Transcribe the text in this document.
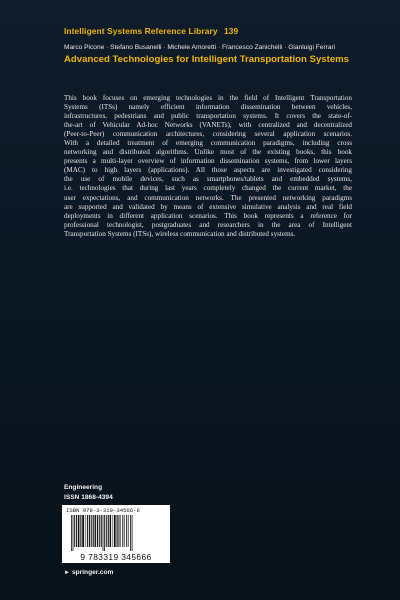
Intelligent Systems Reference Library 139
Marco Picone · Stefano Busanelli · Michele Amoretti · Francesco Zanichelli · Gianluigi Ferrari
Advanced Technologies for Intelligent Transportation Systems
This book focuses on emerging technologies in the field of Intelligent Transportation
Systems (ITSs) namely efficient information dissemination between vehicles,
infrastructures, pedestrians and public transportation systems. It covers the state-of-
the-art of Vehicular Ad-hoc Networks (VANETs), with centralized and decentralized
(Peer-to-Peer) communication architectures, considering several application scenarios.
With a detailed treatment of emerging communication paradigms, including cross
networking and distributed algorithms. Unlike most of the existing books, this book
presents a multi-layer overview of information dissemination systems, from lower layers
(MAC) to high layers (applications). All those aspects are investigated considering
the use of mobile devices, such as smartphones/tablets and embedded systems,
i.e. technologies that during last years completely changed the current market, the
user expectations, and communication networks. The presented networking paradigms
are supported and validated by means of extensive simulative analysis and real field
deployments in different application scenarios. This book represents a reference for
professional technologist, postgraduates and researchers in the area of Intelligent
Transportation Systems (ITSs), wireless communication and distributed systems.
Engineering
ISSN 1868-4394
ISBN 978-3-319-34566-6
9 783319 345666
► springer.com
